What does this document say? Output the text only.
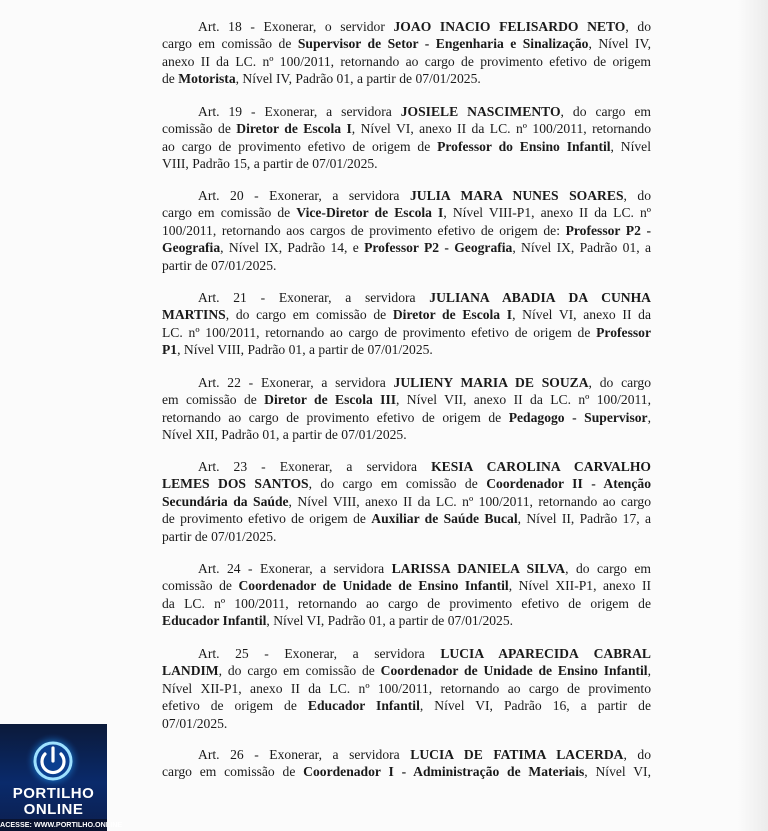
Art. 18 - Exonerar, o servidor JOAO INACIO FELISARDO NETO, do
cargo em comissão de Supervisor de Setor - Engenharia e Sinalização, Nível IV,
anexo II da LC. nº 100/2011, retornando ao cargo de provimento efetivo de origem
de Motorista, Nível IV, Padrão 01, a partir de 07/01/2025.
Art. 19 - Exonerar, a servidora JOSIELE NASCIMENTO, do cargo em
comissão de Diretor de Escola I, Nível VI, anexo II da LC. nº 100/2011, retornando
ao cargo de provimento efetivo de origem de Professor do Ensino Infantil, Nível
VIII, Padrão 15, a partir de 07/01/2025.
Art. 20 - Exonerar, a servidora JULIA MARA NUNES SOARES, do
cargo em comissão de Vice-Diretor de Escola I, Nível VIII-P1, anexo II da LC. nº
100/2011, retornando aos cargos de provimento efetivo de origem de: Professor P2 -
Geografia, Nível IX, Padrão 14, e Professor P2 - Geografia, Nível IX, Padrão 01, a
partir de 07/01/2025.
Art. 21 - Exonerar, a servidora JULIANA ABADIA DA CUNHA
MARTINS, do cargo em comissão de Diretor de Escola I, Nível VI, anexo II da
LC. nº 100/2011, retornando ao cargo de provimento efetivo de origem de Professor
P1, Nível VIII, Padrão 01, a partir de 07/01/2025.
Art. 22 - Exonerar, a servidora JULIENY MARIA DE SOUZA, do cargo
em comissão de Diretor de Escola III, Nível VII, anexo II da LC. nº 100/2011,
retornando ao cargo de provimento efetivo de origem de Pedagogo - Supervisor,
Nível XII, Padrão 01, a partir de 07/01/2025.
Art. 23 - Exonerar, a servidora KESIA CAROLINA CARVALHO
LEMES DOS SANTOS, do cargo em comissão de Coordenador II - Atenção
Secundária da Saúde, Nível VIII, anexo II da LC. nº 100/2011, retornando ao cargo
de provimento efetivo de origem de Auxiliar de Saúde Bucal, Nível II, Padrão 17, a
partir de 07/01/2025.
Art. 24 - Exonerar, a servidora LARISSA DANIELA SILVA, do cargo em
comissão de Coordenador de Unidade de Ensino Infantil, Nível XII-P1, anexo II
da LC. nº 100/2011, retornando ao cargo de provimento efetivo de origem de
Educador Infantil, Nível VI, Padrão 01, a partir de 07/01/2025.
Art. 25 - Exonerar, a servidora LUCIA APARECIDA CABRAL
LANDIM, do cargo em comissão de Coordenador de Unidade de Ensino Infantil,
Nível XII-P1, anexo II da LC. nº 100/2011, retornando ao cargo de provimento
efetivo de origem de Educador Infantil, Nível VI, Padrão 16, a partir de
07/01/2025.
Art. 26 - Exonerar, a servidora LUCIA DE FATIMA LACERDA, do
cargo em comissão de Coordenador I - Administração de Materiais, Nível VI,
PORTILHO
ONLINE
ACESSE: WWW.PORTILHO.ONLINE
